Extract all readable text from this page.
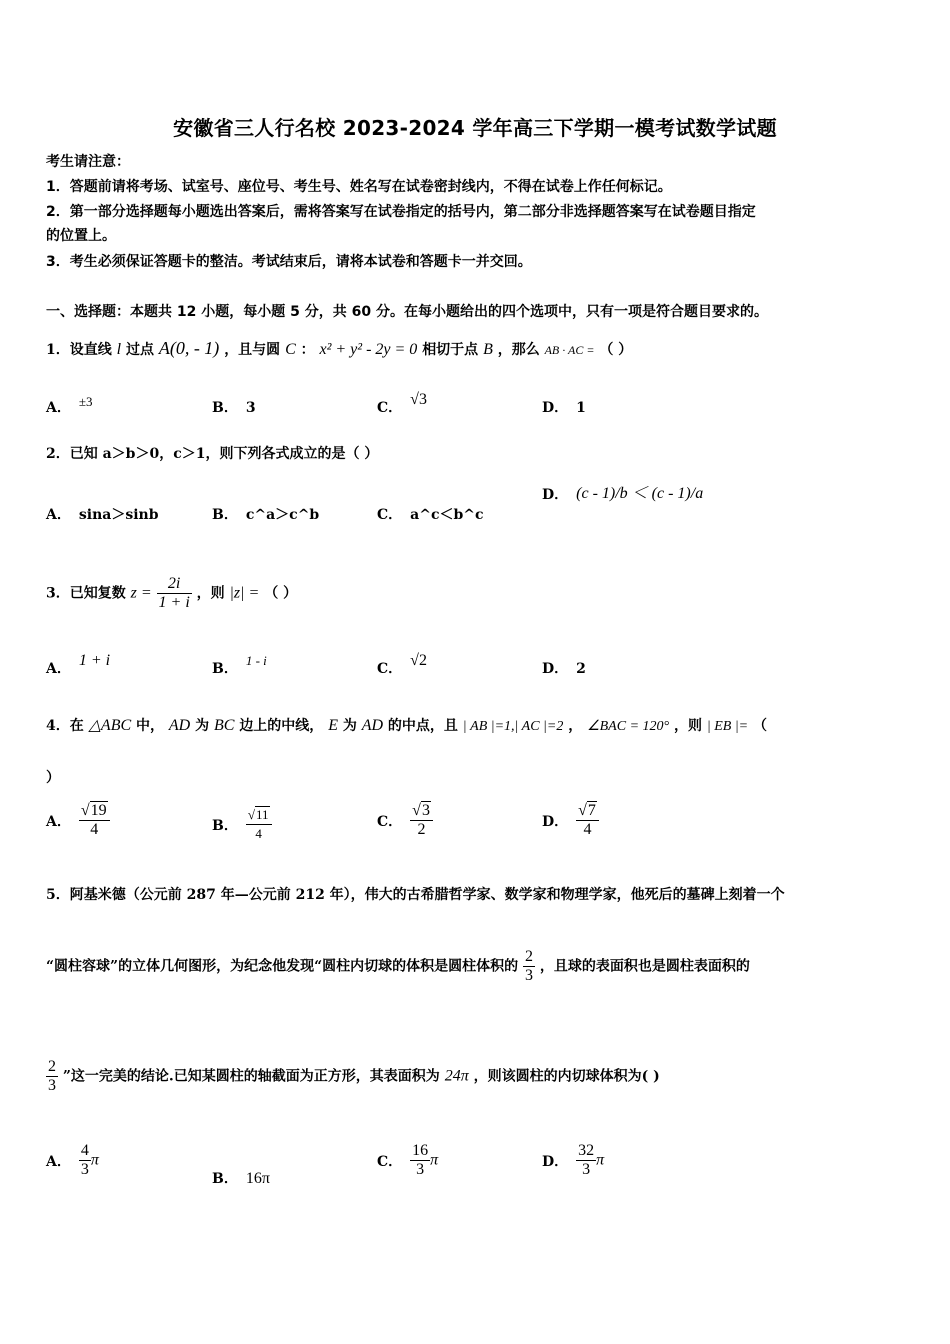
安徽省三人行名校 2023-2024 学年高三下学期一模考试数学试题
考生请注意：
1．答题前请将考场、试室号、座位号、考生号、姓名写在试卷密封线内，不得在试卷上作任何标记。
2．第一部分选择题每小题选出答案后，需将答案写在试卷指定的括号内，第二部分非选择题答案写在试卷题目指定
的位置上。
3．考生必须保证答题卡的整洁。考试结束后，请将本试卷和答题卡一并交回。
一、选择题：本题共 12 小题，每小题 5 分，共 60 分。在每小题给出的四个选项中，只有一项是符合题目要求的。
1．设直线 l 过点 A(0, - 1) ，且与圆 C ： x² + y² - 2y = 0 相切于点 B ，那么 AB · AC = （ ）
A． ±3	B． 3	C． √3	D． 1
2．已知 a＞b＞0，c＞1，则下列各式成立的是（ ）
A． sina＞sinb	B． c^a＞c^b	C． a^c＜b^c
D． (c - 1)/b ＜ (c - 1)/a
3．已知复数 $z = \frac{2i}{1 + i}$ ，则 |z| = （ ）
A． 1 + i	B．1 - i
C． √2	D． 2
4．在 △ABC 中， AD 为 BC 边上的中线， E 为 AD 的中点，且 | AB |=1,| AC |=2 ， ∠BAC = 120° ，则 | EB |= （
）
A． $\frac{√19}{4}$	B． $\frac{√11}{4}$	C． $\frac{√3}{2}$	D． $\frac{√7}{4}$
5．阿基米德（公元前 287 年—公元前 212 年），伟大的古希腊哲学家、数学家和物理学家，他死后的墓碑上刻着一个
“圆柱容球”的立体几何图形，为纪念他发现“圆柱内切球的体积是圆柱体积的 $\frac{2}{3}$ ，且球的表面积也是圆柱表面积的
$\frac{2}{3}$ ”这一完美的结论.已知某圆柱的轴截面为正方形，其表面积为 24π ，则该圆柱的内切球体积为( )
A． $\frac{4}{3}$ π
B． 16π
C． $\frac{16}{3}$ π	D． $\frac{32}{3}$ π
